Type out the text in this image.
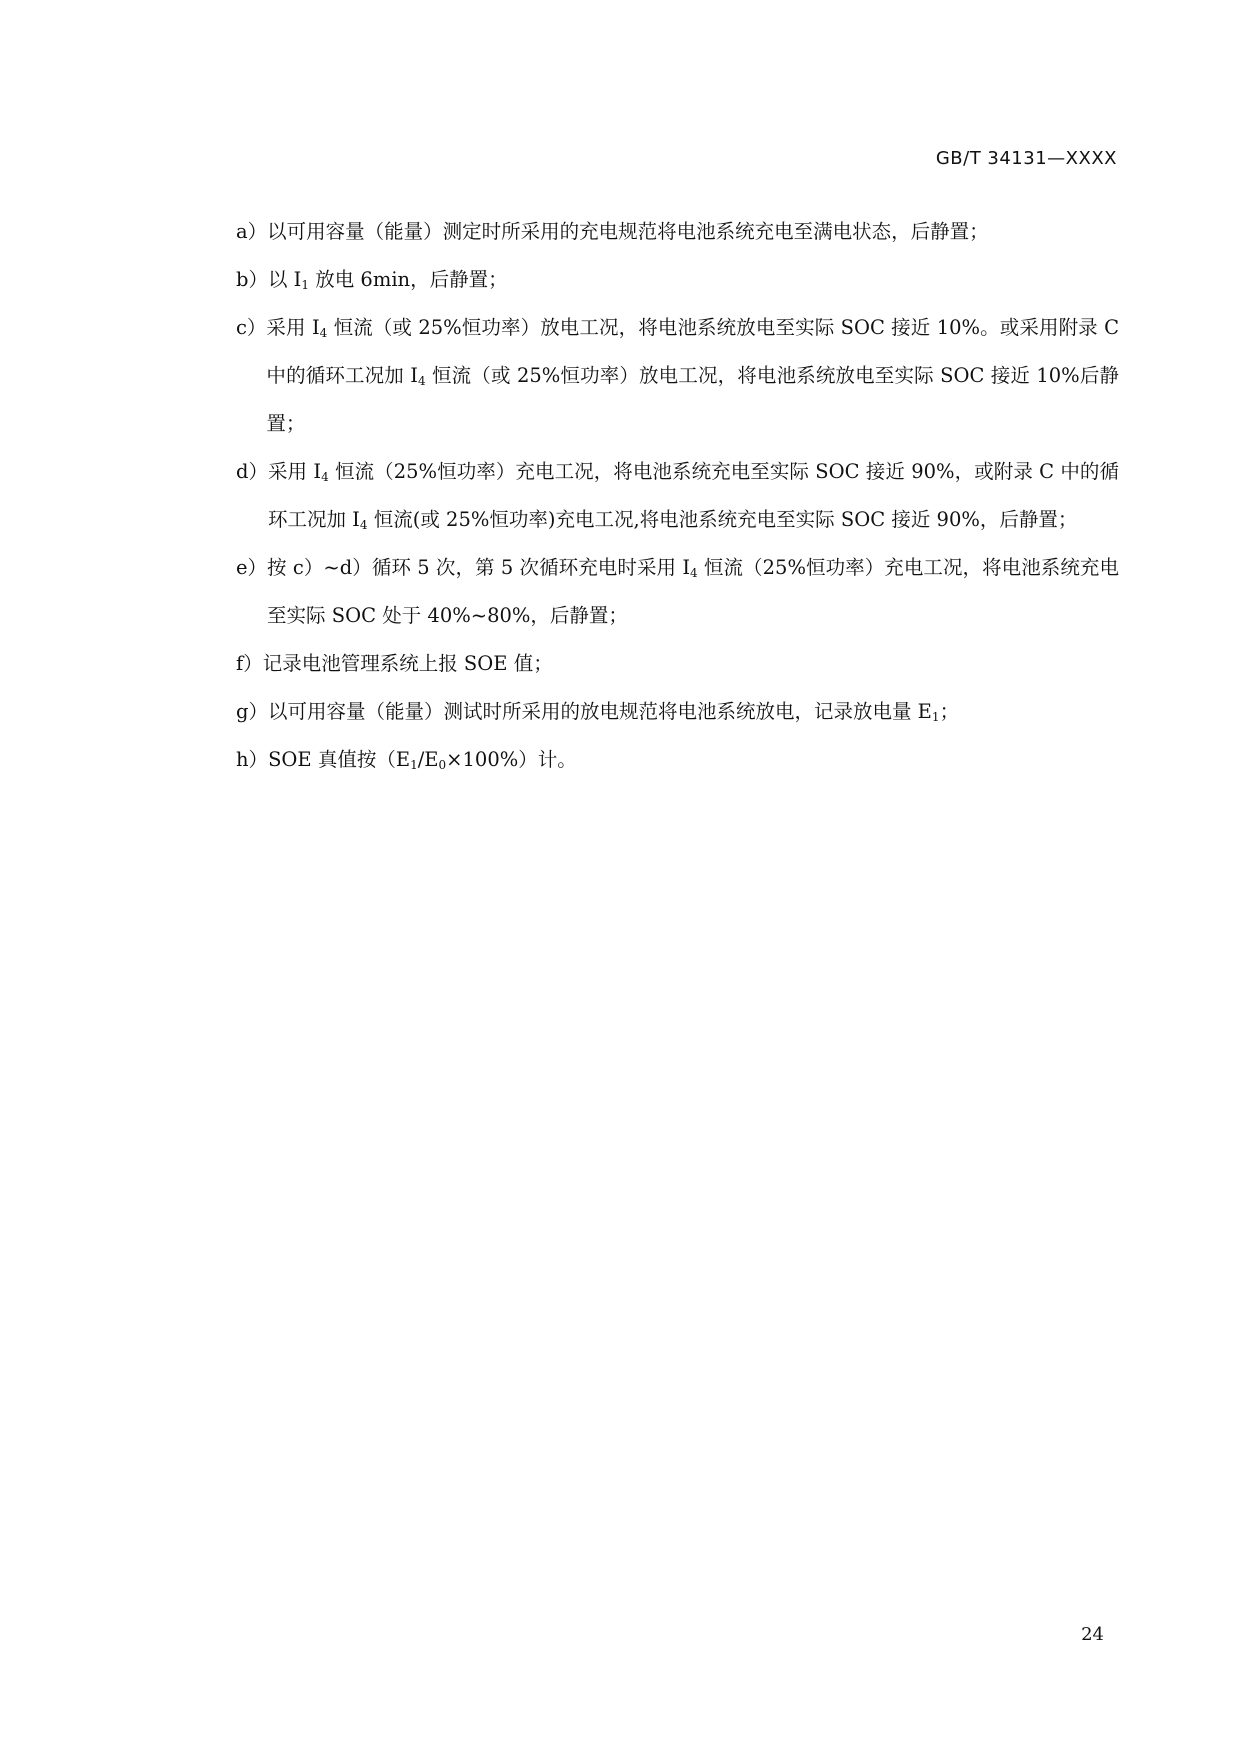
GB/T 34131—XXXX
a） 以可用容量（能量）测定时所采用的充电规范将电池系统充电至满电状态，后静置；
b） 以 $I_1$ 放电 6min，后静置；
c） 采用 $I_4$ 恒流（或 25%恒功率）放电工况，将电池系统放电至实际 SOC 接近 10%。或采用附录 C 中的循环工况加 $I_4$ 恒流（或 25%恒功率）放电工况，将电池系统放电至实际 SOC 接近 10%后静置；
d） 采用 $I_4$ 恒流（25%恒功率）充电工况，将电池系统充电至实际 SOC 接近 90%，或附录 C 中的循环工况加 $I_4$ 恒流(或 25%恒功率)充电工况,将电池系统充电至实际 SOC 接近 90%，后静置；
e） 按 c）~d）循环 5 次，第 5 次循环充电时采用 $I_4$ 恒流（25%恒功率）充电工况，将电池系统充电至实际 SOC 处于 40%~80%，后静置；
f） 记录电池管理系统上报 SOE 值；
g） 以可用容量（能量）测试时所采用的放电规范将电池系统放电，记录放电量 $E_1$；
h） SOE 真值按$(E_1/E_0\times 100\%)$计。
24
